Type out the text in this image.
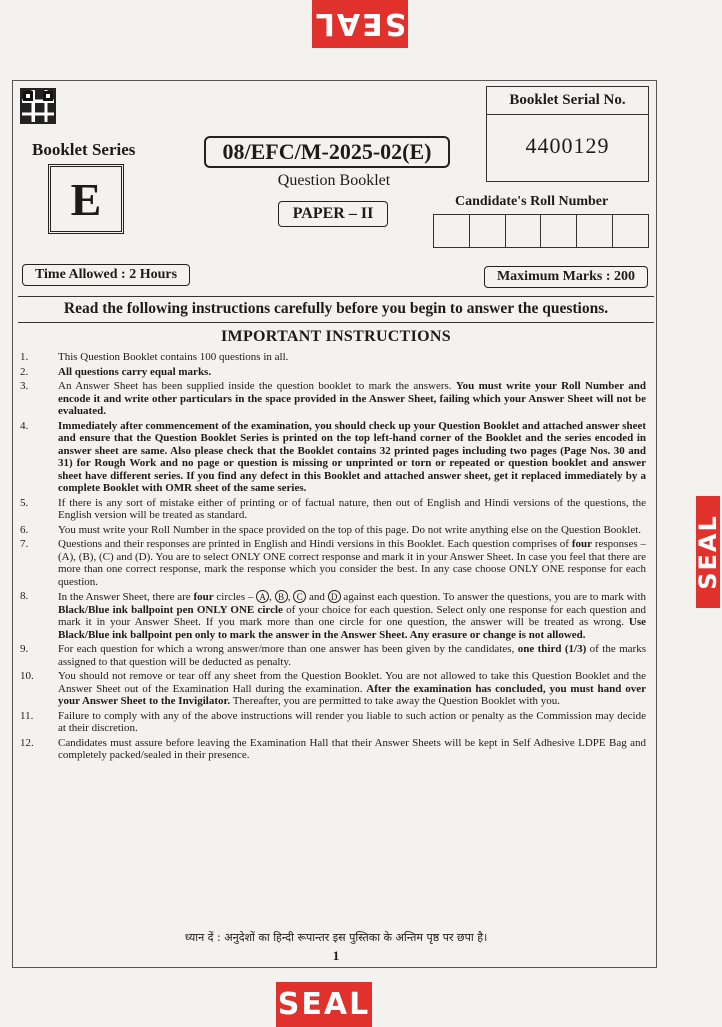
SEAL
SEAL
SEAL
Booklet Serial No.
4400129
Booklet Series
E
08/EFC/M-2025-02(E)
Question Booklet
PAPER – II
Candidate's Roll Number
Time Allowed : 2 Hours	Maximum Marks : 200
Read the following instructions carefully before you begin to answer the questions.
IMPORTANT INSTRUCTIONS
1.	This Question Booklet contains 100 questions in all.
2.	All questions carry equal marks.
3.	An Answer Sheet has been supplied inside the question booklet to mark the answers. You must write your Roll Number and encode it and write other particulars in the space provided in the Answer Sheet, failing which your Answer Sheet will not be evaluated.
4.	Immediately after commencement of the examination, you should check up your Question Booklet and attached answer sheet and ensure that the Question Booklet Series is printed on the top left-hand corner of the Booklet and the series encoded in answer sheet are same. Also please check that the Booklet contains 32 printed pages including two pages (Page Nos. 30 and 31) for Rough Work and no page or question is missing or unprinted or torn or repeated or question booklet and answer sheet have different series. If you find any defect in this Booklet and attached answer sheet, get it replaced immediately by a complete Booklet with OMR sheet of the same series.
5.	If there is any sort of mistake either of printing or of factual nature, then out of English and Hindi versions of the questions, the English version will be treated as standard.
6.	You must write your Roll Number in the space provided on the top of this page. Do not write anything else on the Question Booklet.
7.	Questions and their responses are printed in English and Hindi versions in this Booklet. Each question comprises of four responses – (A), (B), (C) and (D). You are to select ONLY ONE correct response and mark it in your Answer Sheet. In case you feel that there are more than one correct response, mark the response which you consider the best. In any case choose ONLY ONE response for each question.
8.	In the Answer Sheet, there are four circles – A , B , C and D against each question. To answer the questions, you are to mark with Black/Blue ink ballpoint pen ONLY ONE circle of your choice for each question. Select only one response for each question and mark it in your Answer Sheet. If you mark more than one circle for one question, the answer will be treated as wrong. Use Black/Blue ink ballpoint pen only to mark the answer in the Answer Sheet. Any erasure or change is not allowed.
9.	For each question for which a wrong answer/more than one answer has been given by the candidates, one third (1/3) of the marks assigned to that question will be deducted as penalty.
10.	You should not remove or tear off any sheet from the Question Booklet. You are not allowed to take this Question Booklet and the Answer Sheet out of the Examination Hall during the examination. After the examination has concluded, you must hand over your Answer Sheet to the Invigilator. Thereafter, you are permitted to take away the Question Booklet with you.
11.	Failure to comply with any of the above instructions will render you liable to such action or penalty as the Commission may decide at their discretion.
12.	Candidates must assure before leaving the Examination Hall that their Answer Sheets will be kept in Self Adhesive LDPE Bag and completely packed/sealed in their presence.
ध्यान दें : अनुदेशों का हिन्दी रूपान्तर इस पुस्तिका के अन्तिम पृष्ठ पर छपा है।
1
